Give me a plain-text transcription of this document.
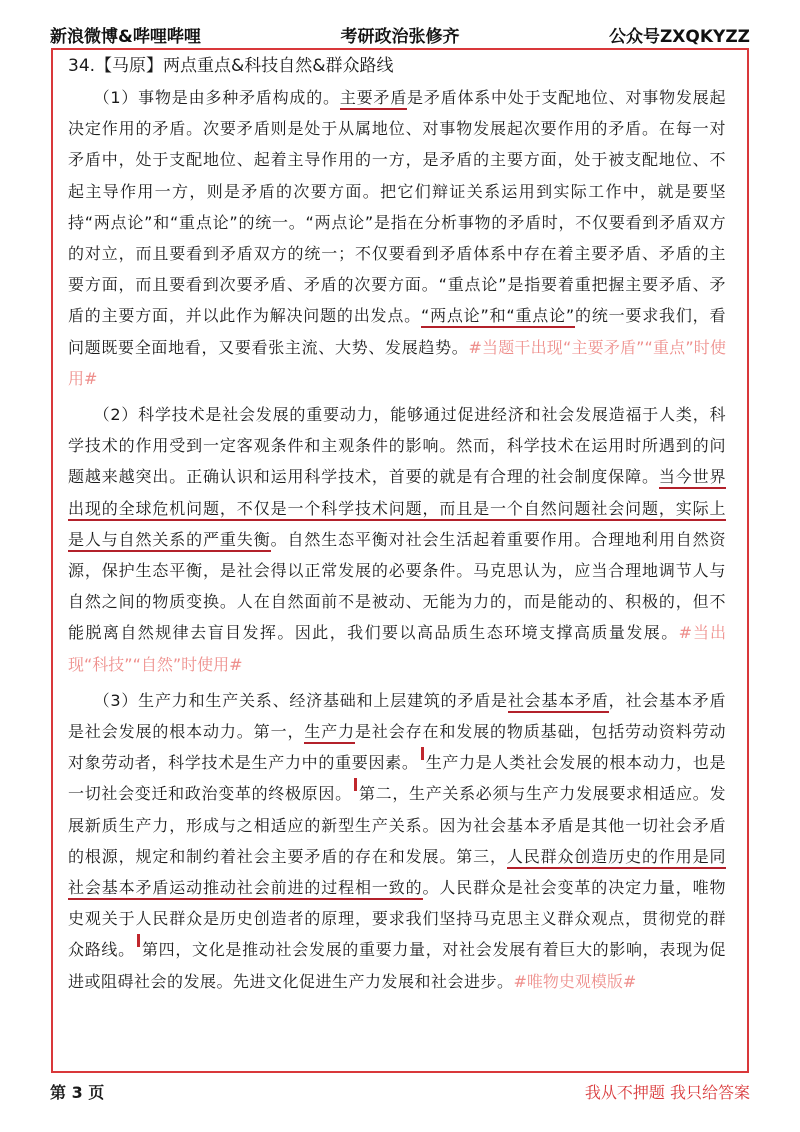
新浪微博&哔哩哔哩	考研政治张修齐	公众号ZXQKYZZ
34.【马原】两点重点&科技自然&群众路线

（1）事物是由多种矛盾构成的。主要矛盾是矛盾体系中处于支配地位、对事物发展起决定作用的矛盾。次要矛盾则是处于从属地位、对事物发展起次要作用的矛盾。在每一对矛盾中，处于支配地位、起着主导作用的一方，是矛盾的主要方面，处于被支配地位、不起主导作用一方，则是矛盾的次要方面。把它们辩证关系运用到实际工作中，就是要坚持“两点论”和“重点论”的统一。“两点论”是指在分析事物的矛盾时，不仅要看到矛盾双方的对立，而且要看到矛盾双方的统一；不仅要看到矛盾体系中存在着主要矛盾、矛盾的主要方面，而且要看到次要矛盾、矛盾的次要方面。“重点论”是指要着重把握主要矛盾、矛盾的主要方面，并以此作为解决问题的出发点。“两点论”和“重点论”的统一要求我们，看问题既要全面地看，又要看张主流、大势、发展趋势。#当题干出现“主要矛盾”“重点”时使用#

（2）科学技术是社会发展的重要动力，能够通过促进经济和社会发展造福于人类，科学技术的作用受到一定客观条件和主观条件的影响。然而，科学技术在运用时所遇到的问题越来越突出。正确认识和运用科学技术，首要的就是有合理的社会制度保障。当今世界出现的全球危机问题，不仅是一个科学技术问题，而且是一个自然问题社会问题，实际上是人与自然关系的严重失衡。自然生态平衡对社会生活起着重要作用。合理地利用自然资源，保护生态平衡，是社会得以正常发展的必要条件。马克思认为，应当合理地调节人与自然之间的物质变换。人在自然面前不是被动、无能为力的，而是能动的、积极的，但不能脱离自然规律去盲目发挥。因此，我们要以高品质生态环境支撑高质量发展。#当出现“科技”“自然”时使用#

（3）生产力和生产关系、经济基础和上层建筑的矛盾是社会基本矛盾，社会基本矛盾是社会发展的根本动力。第一，生产力是社会存在和发展的物质基础，包括劳动资料劳动对象劳动者，科学技术是生产力中的重要因素。 生产力是人类社会发展的根本动力，也是一切社会变迁和政治变革的终极原因。 第二，生产关系必须与生产力发展要求相适应。发展新质生产力，形成与之相适应的新型生产关系。因为社会基本矛盾是其他一切社会矛盾的根源，规定和制约着社会主要矛盾的存在和发展。第三，人民群众创造历史的作用是同社会基本矛盾运动推动社会前进的过程相一致的。人民群众是社会变革的决定力量，唯物史观关于人民群众是历史创造者的原理，要求我们坚持马克思主义群众观点，贯彻党的群众路线。 第四，文化是推动社会发展的重要力量，对社会发展有着巨大的影响，表现为促进或阻碍社会的发展。先进文化促进生产力发展和社会进步。#唯物史观模版#

第 3 页	我从不押题 我只给答案
